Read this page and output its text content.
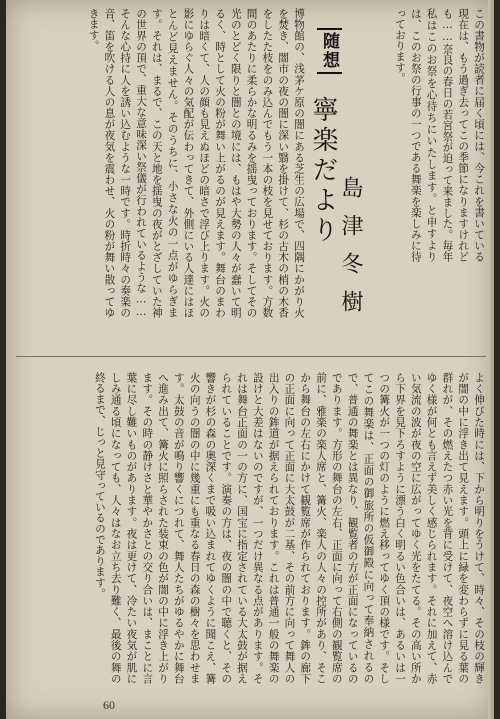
この書物が読者に届く頃には、今これを書いている現在は、もう過ぎ去ってこの季節になりますけれども……奈良の春日の若宮祭が迫って来ました。毎年私はこのお祭を心待ちにいたします。と申すよりは、このお祭の行事の一つである舞楽を楽しみに待っております。
随想
寧楽だより
島津冬樹
博物館の、浅茅ケ原の闇にある芝生の広場で、四隅にかがり火を焚き、闇市の夜の闇に深い翳を掛けて、杉の古木の梢の木香をしたた枝をのみ込んでもう一本の枝を見せております。方数間のあたりに柔らかな明るみを揺曳っております。そしてその光のとどく限りと闇との境には、もはや大勢の人々が蠢いて明るく、時として火の粉が舞い上がるのが見えます。舞台のまわりは暗くて、人の顔も見えぬほどの暗さで浮び上ります。火の影にゆらぐ人々の気配が伝わってきて、外側にいる人達にはほとんど見えません。そのうちに、小さな火の一点がゆらぎます。それは、まるで、この天と地を揺曳の夜がとざしていた神の世界の頂で、重大な意味深い祭儀が行われているような……そんな心持に人を誘い込むような一時です。時折時々の奏楽の音、笛を吹ける人の息が夜気を震わせ、火の粉が舞い散ってゆきます。
よく伸びた時には、下から明りをうけて、時々、その枝の輝きが闇の中に浮き出て見えます。頭上に緑を変わらずに見る葉の群れが、その燃えたつ赤い光を背に受けて、夜空へ溶け込んでゆく様が何とも言えず美しく感じられます。それに加えて、赤い気流の波が夜の空に広がってゆく光をたてる。その高い所から下界を見下ろすように漂う白く明るい色合いは、あるいは一つの篝火が一つの灯のように燃え移ってゆく頂の様です。そしてこの舞楽は、正面の御旅所の仮御殿に向って奉納されるので、普通の舞楽とは異なり、観覧者の方が正面になっているのであります。方形の舞台の左右、正面に向って右側の観覧席の前に、雅楽の楽人席と、篝火、楽人の人々の控所があり、そこから舞台の左右にかけて観覧席が作られております。鉾の廊下の正面に向って正面に大太鼓が二基、その前方に向って舞人の出入りの鉾道が据えられております。これは普通一般の舞楽の設けと大差はないのですが、一つだけ異なる点があります。それは舞台正面の一の方に、国宝に指定されている大太鼓が据えられていることです。演奏の方は、夜の闇の中で聴くと、その響きが杉の森の奥深くまで吸い込まれてゆくように聞こえ、篝火の向うの闇の中に幾重にも重なる春日の森の樹々を思わせます。太鼓の音が鳴り響くにつれて、舞人たちがゆるやかに舞台へ進み出て、篝火に照らされた装束の色が闇の中に浮き上がります。その時の静けさと華やかさとの交り合いは、まことに言葉に尽し難いものがあります。夜は更けて、冷たい夜気が肌にしみ通る頃になっても、人々はなお立ち去り難く、最後の舞の終るまで、じっと見守っているのであります。
60
